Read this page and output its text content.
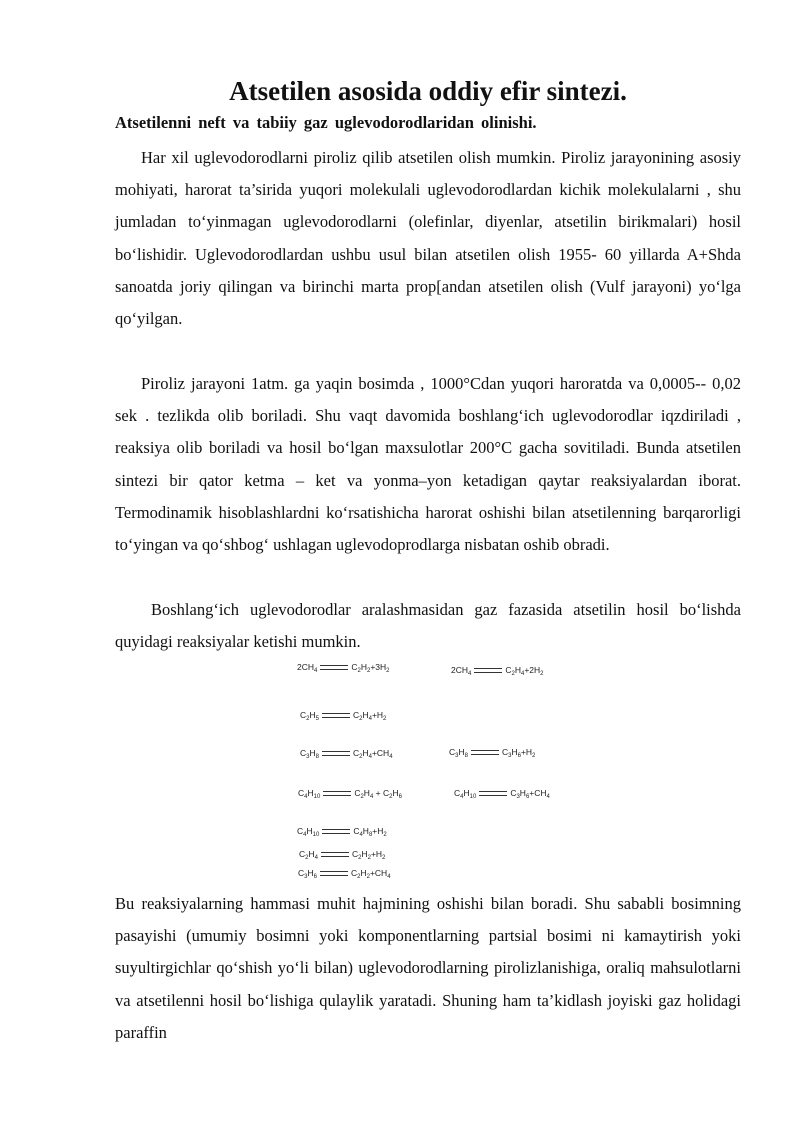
Atsetilen asosida oddiy efir sintezi.
Atsetilenni neft va tabiiy gaz uglevodorodlaridan olinishi.

Har xil uglevodorodlarni piroliz qilib atsetilen olish mumkin. Piroliz jarayonining asosiy mohiyati, harorat ta’sirida yuqori molekulali uglevodorodlardan kichik molekulalarni , shu jumladan to‘yinmagan uglevodorodlarni (olefinlar, diyenlar, atsetilin birikmalari) hosil bo‘lishidir. Uglevodorodlardan ushbu usul bilan atsetilen olish 1955- 60 yillarda A+Shda sanoatda joriy qilingan va birinchi marta prop[andan atsetilen olish (Vulf jarayoni) yo‘lga qo‘yilgan.

Piroliz jarayoni 1atm. ga yaqin bosimda , 1000°Cdan yuqori haroratda va 0,0005-- 0,02 sek . tezlikda olib boriladi. Shu vaqt davomida boshlang‘ich uglevodorodlar iqzdiriladi , reaksiya olib boriladi va hosil bo‘lgan maxsulotlar 200°C gacha sovitiladi. Bunda atsetilen sintezi bir qator ketma – ket va yonma–yon ketadigan qaytar reaksiyalardan iborat. Termodinamik hisoblashlardni ko‘rsatishicha harorat oshishi bilan atsetilenning barqarorligi to‘yingan va qo‘shbog‘ ushlagan uglevodoprodlarga nisbatan oshib obradi.

Boshlang‘ich uglevodorodlar aralashmasidan gaz fazasida atsetilin hosil bo‘lishda quyidagi reaksiyalar ketishi mumkin.

$2CH_4$	$C_2H_2+3H_2$	$2CH_4$	$C_2H_4+2H_2$
$C_2H_5$	$C_2H_4+H_2$
$C_3H_8$	$C_2H_4+CH_4$	$C_3H_8$	$C_3H_6+H_2$
$C_4H_{10}$	$C_2H_4 + C_2H_6$	$C_4H_{10}$	$C_3H_6+CH_4$
$C_4H_{10}$	$C_4H_8+H_2$
$C_2H_4$	$C_2H_2+H_2$
$C_3H_6$	$C_2H_2+CH_4$

Bu reaksiyalarning hammasi muhit hajmining oshishi bilan boradi. Shu sababli bosimning pasayishi (umumiy bosimni yoki komponentlarning partsial bosimi ni kamaytirish yoki suyultirgichlar qo‘shish yo‘li bilan) uglevodorodlarning pirolizlanishiga, oraliq mahsulotlarni va atsetilenni hosil bo‘lishiga qulaylik yaratadi. Shuning ham ta’kidlash joyiski gaz holidagi paraffin
